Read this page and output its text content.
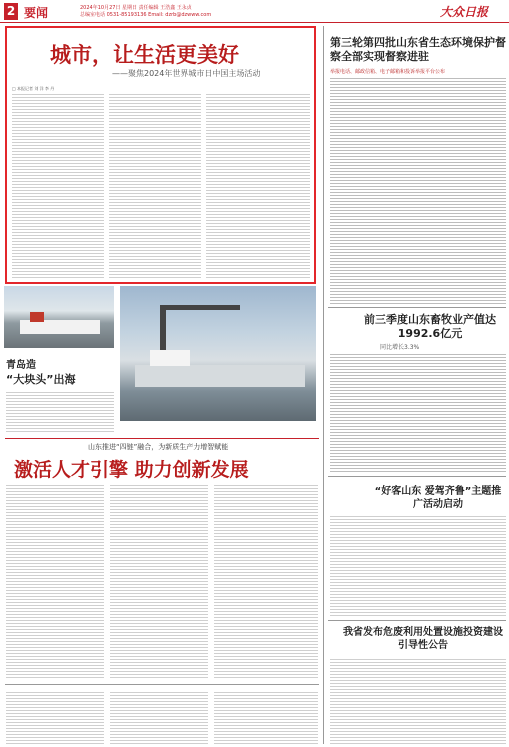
2 要闻	2024年10月27日 星期日 责任编辑 王浩鑫 王永贞
总编室电话 0531-85193136 Email: dzrb@dzwww.com	大众日报
城市，让生活更美好
——聚焦2024年世界城市日中国主场活动
□ 本报记者 刘 洋 李 丹
第三轮第四批山东省生态环境保护督察全部实现督察进驻
举报电话、邮政信箱、电子邮箱和投诉举报平台公布
前三季度山东畜牧业产值达1992.6亿元
同比增长3.3%
“好客山东 爱驾齐鲁”主题推广活动启动
我省发布危废利用处置设施投资建设引导性公告
青岛造
“大块头”出海
山东推进“四链”融合，为新质生产力增智赋能
激活人才引擎 助力创新发展
